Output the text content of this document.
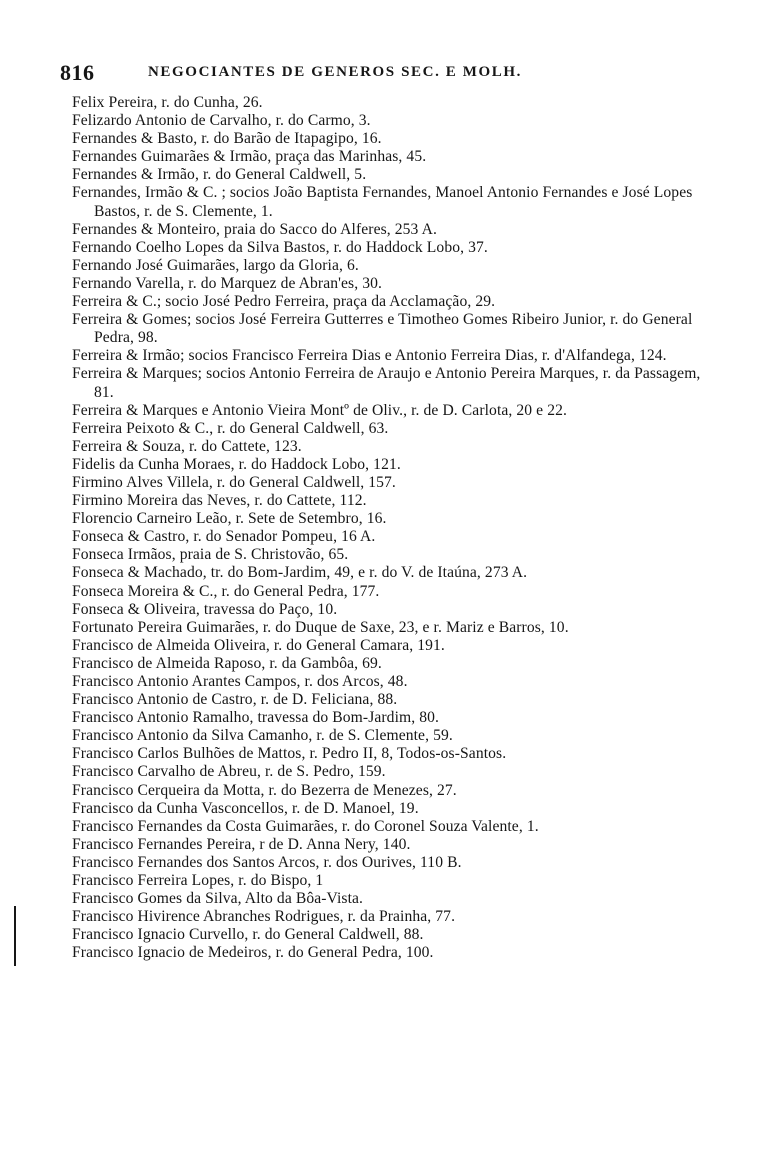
816	NEGOCIANTES DE GENEROS SEC. E MOLH.
Felix Pereira, r. do Cunha, 26.
Felizardo Antonio de Carvalho, r. do Carmo, 3.
Fernandes & Basto, r. do Barão de Itapagipo, 16.
Fernandes Guimarães & Irmão, praça das Marinhas, 45.
Fernandes & Irmão, r. do General Caldwell, 5.
Fernandes, Irmão & C. ; socios João Baptista Fernandes, Manoel Antonio Fernandes e José Lopes Bastos, r. de S. Clemente, 1.
Fernandes & Monteiro, praia do Sacco do Alferes, 253 A.
Fernando Coelho Lopes da Silva Bastos, r. do Haddock Lobo, 37.
Fernando José Guimarães, largo da Gloria, 6.
Fernando Varella, r. do Marquez de Abran'es, 30.
Ferreira & C.; socio José Pedro Ferreira, praça da Acclamação, 29.
Ferreira & Gomes; socios José Ferreira Gutterres e Timotheo Gomes Ribeiro Junior, r. do General Pedra, 98.
Ferreira & Irmão; socios Francisco Ferreira Dias e Antonio Ferreira Dias, r. d'Alfandega, 124.
Ferreira & Marques; socios Antonio Ferreira de Araujo e Antonio Pereira Marques, r. da Passagem, 81.
Ferreira & Marques e Antonio Vieira Montº de Oliv., r. de D. Carlota, 20 e 22.
Ferreira Peixoto & C., r. do General Caldwell, 63.
Ferreira & Souza, r. do Cattete, 123.
Fidelis da Cunha Moraes, r. do Haddock Lobo, 121.
Firmino Alves Villela, r. do General Caldwell, 157.
Firmino Moreira das Neves, r. do Cattete, 112.
Florencio Carneiro Leão, r. Sete de Setembro, 16.
Fonseca & Castro, r. do Senador Pompeu, 16 A.
Fonseca Irmãos, praia de S. Christovão, 65.
Fonseca & Machado, tr. do Bom-Jardim, 49, e r. do V. de Itaúna, 273 A.
Fonseca Moreira & C., r. do General Pedra, 177.
Fonseca & Oliveira, travessa do Paço, 10.
Fortunato Pereira Guimarães, r. do Duque de Saxe, 23, e r. Mariz e Barros, 10.
Francisco de Almeida Oliveira, r. do General Camara, 191.
Francisco de Almeida Raposo, r. da Gambôa, 69.
Francisco Antonio Arantes Campos, r. dos Arcos, 48.
Francisco Antonio de Castro, r. de D. Feliciana, 88.
Francisco Antonio Ramalho, travessa do Bom-Jardim, 80.
Francisco Antonio da Silva Camanho, r. de S. Clemente, 59.
Francisco Carlos Bulhões de Mattos, r. Pedro II, 8, Todos-os-Santos.
Francisco Carvalho de Abreu, r. de S. Pedro, 159.
Francisco Cerqueira da Motta, r. do Bezerra de Menezes, 27.
Francisco da Cunha Vasconcellos, r. de D. Manoel, 19.
Francisco Fernandes da Costa Guimarães, r. do Coronel Souza Valente, 1.
Francisco Fernandes Pereira, r de D. Anna Nery, 140.
Francisco Fernandes dos Santos Arcos, r. dos Ourives, 110 B.
Francisco Ferreira Lopes, r. do Bispo, 1
Francisco Gomes da Silva, Alto da Bôa-Vista.
Francisco Hivirence Abranches Rodrigues, r. da Prainha, 77.
Francisco Ignacio Curvello, r. do General Caldwell, 88.
Francisco Ignacio de Medeiros, r. do General Pedra, 100.
